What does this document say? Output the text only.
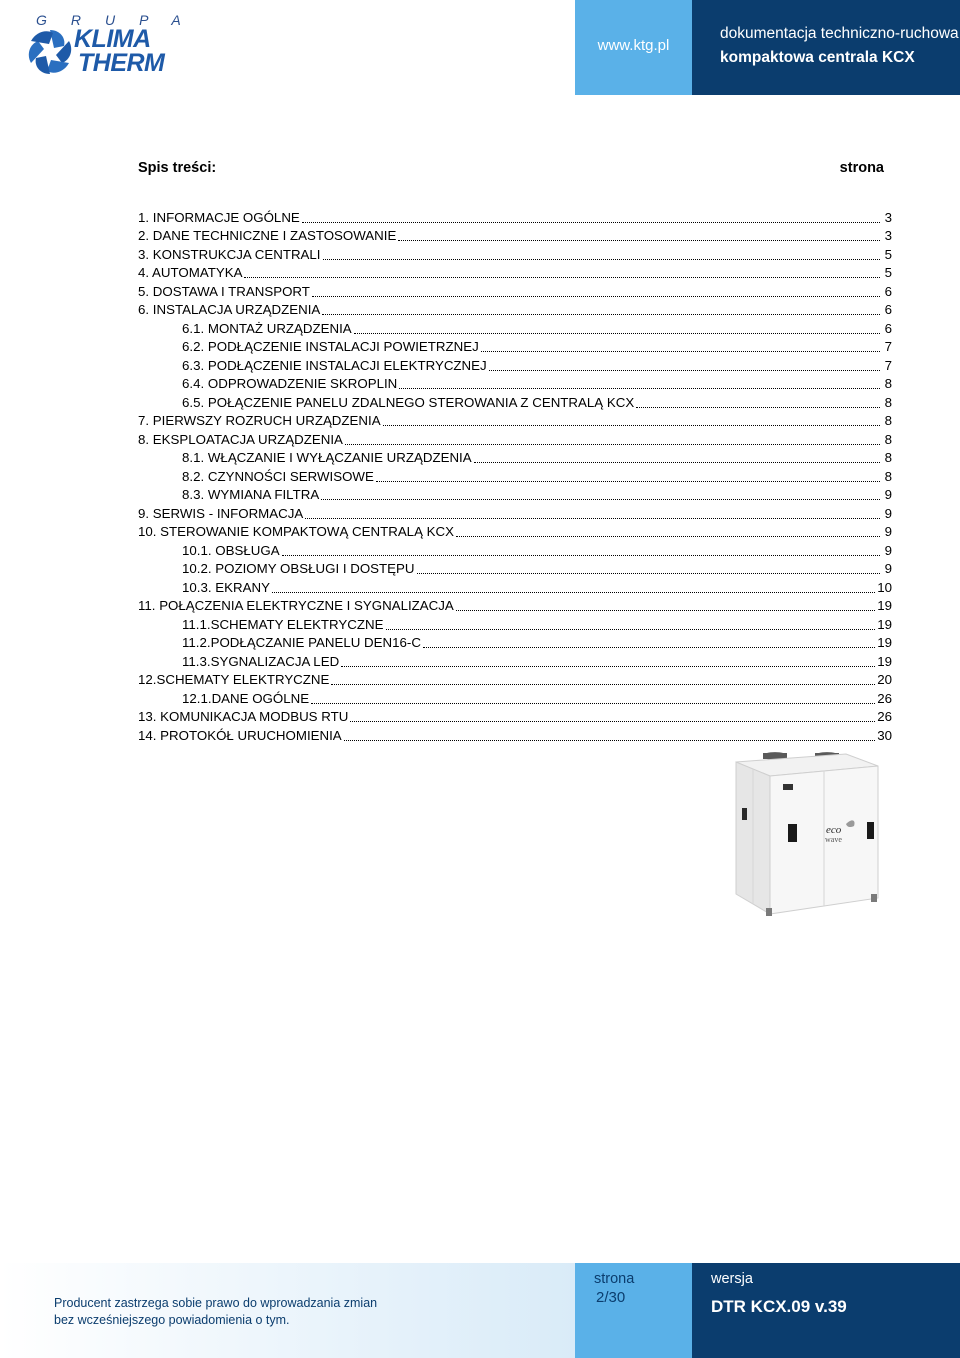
GRUPA
KLIMA
THERM
www.ktg.pl
dokumentacja techniczno-ruchowa
kompaktowa centrala KCX
Spis treści:	strona
1. INFORMACJE OGÓLNE	3
2. DANE TECHNICZNE I ZASTOSOWANIE	3
3. KONSTRUKCJA CENTRALI	5
4. AUTOMATYKA	5
5. DOSTAWA I TRANSPORT	6
6. INSTALACJA URZĄDZENIA	6
6.1. MONTAŻ URZĄDZENIA	6
6.2. PODŁĄCZENIE INSTALACJI POWIETRZNEJ	7
6.3. PODŁĄCZENIE INSTALACJI ELEKTRYCZNEJ	7
6.4. ODPROWADZENIE SKROPLIN	8
6.5. POŁĄCZENIE PANELU ZDALNEGO STEROWANIA Z CENTRALĄ KCX	8
7. PIERWSZY ROZRUCH URZĄDZENIA	8
8. EKSPLOATACJA URZĄDZENIA	8
8.1. WŁĄCZANIE I WYŁĄCZANIE URZĄDZENIA	8
8.2. CZYNNOŚCI SERWISOWE	8
8.3. WYMIANA FILTRA	9
9. SERWIS - INFORMACJA	9
10. STEROWANIE KOMPAKTOWĄ CENTRALĄ KCX	9
10.1. OBSŁUGA	9
10.2. POZIOMY OBSŁUGI I DOSTĘPU	9
10.3. EKRANY	10
11. POŁĄCZENIA ELEKTRYCZNE I SYGNALIZACJA	19
11.1.SCHEMATY ELEKTRYCZNE	19
11.2.PODŁĄCZANIE PANELU DEN16-C	19
11.3.SYGNALIZACJA LED	19
12.SCHEMATY ELEKTRYCZNE	20
12.1.DANE OGÓLNE	26
13. KOMUNIKACJA MODBUS RTU	26
14. PROTOKÓŁ URUCHOMIENIA	30
eco
wave
Producent zastrzega sobie prawo do wprowadzania zmian
bez wcześniejszego powiadomienia o tym.
strona
2/30
wersja
DTR KCX.09 v.39
